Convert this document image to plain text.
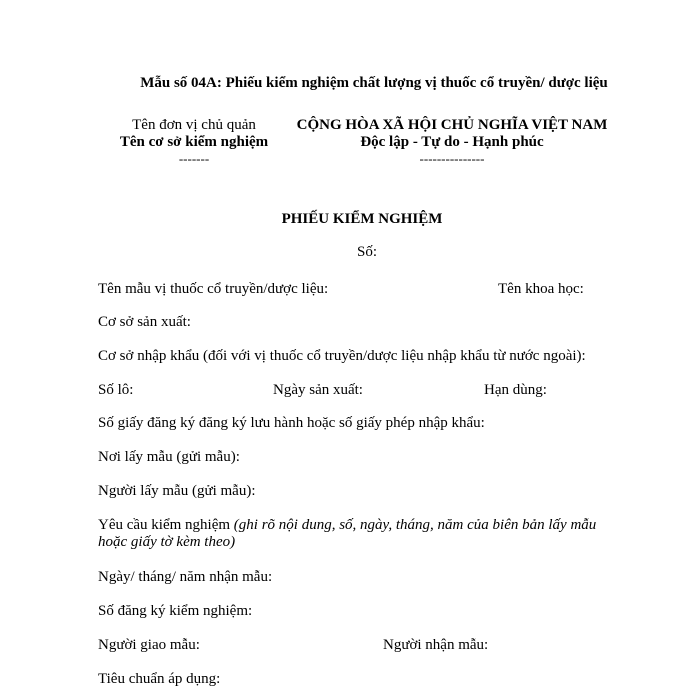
Mẫu số 04A: Phiếu kiểm nghiệm chất lượng vị thuốc cổ truyền/ dược liệu
Tên đơn vị chủ quản
Tên cơ sở kiểm nghiệm
-------
CỘNG HÒA XÃ HỘI CHỦ NGHĨA VIỆT NAM
Độc lập - Tự do - Hạnh phúc
---------------
PHIẾU KIỂM NGHIỆM
Số:
Tên mẫu vị thuốc cổ truyền/dược liệu:	Tên khoa học:
Cơ sở sản xuất:
Cơ sở nhập khẩu (đối với vị thuốc cổ truyền/dược liệu nhập khẩu từ nước ngoài):
Số lô:	Ngày sản xuất:	Hạn dùng:
Số giấy đăng ký đăng ký lưu hành hoặc số giấy phép nhập khẩu:
Nơi lấy mẫu (gửi mẫu):
Người lấy mẫu (gửi mẫu):
Yêu cầu kiểm nghiệm (ghi rõ nội dung, số, ngày, tháng, năm của biên bản lấy mẫu
hoặc giấy tờ kèm theo)
Ngày/ tháng/ năm nhận mẫu:
Số đăng ký kiểm nghiệm:
Người giao mẫu:	Người nhận mẫu:
Tiêu chuẩn áp dụng:
